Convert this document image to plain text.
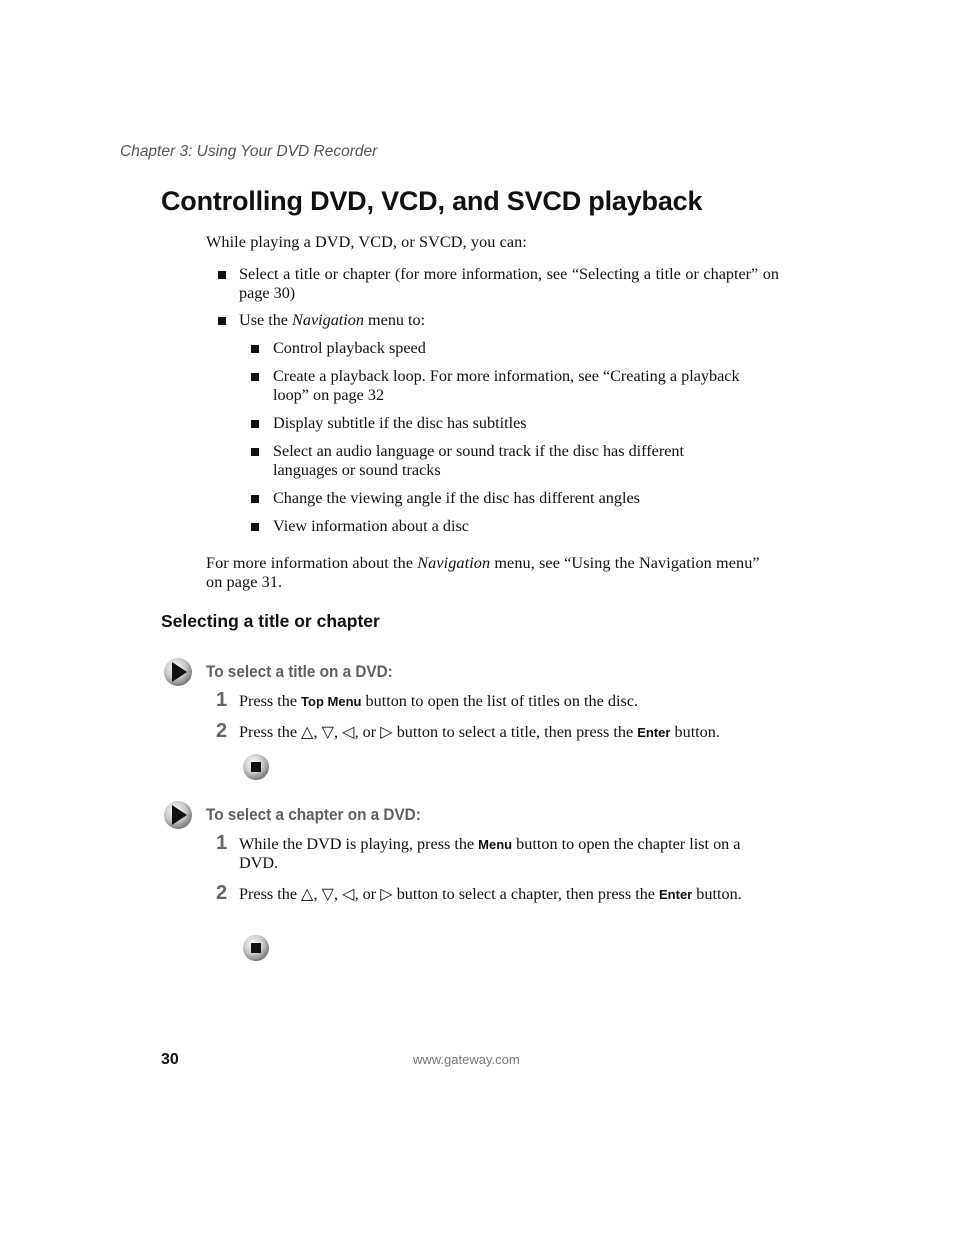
Chapter 3: Using Your DVD Recorder
Controlling DVD, VCD, and SVCD playback
While playing a DVD, VCD, or SVCD, you can:
Select a title or chapter (for more information, see “Selecting a title or chapter” on page 30)
Use the Navigation menu to:
Control playback speed
Create a playback loop. For more information, see “Creating a playback loop” on page 32
Display subtitle if the disc has subtitles
Select an audio language or sound track if the disc has different languages or sound tracks
Change the viewing angle if the disc has different angles
View information about a disc
For more information about the Navigation menu, see “Using the Navigation menu” on page 31.
Selecting a title or chapter
To select a title on a DVD:
1 Press the Top Menu button to open the list of titles on the disc.
2 Press the △, ▽, ◁, or ▷ button to select a title, then press the Enter button.
To select a chapter on a DVD:
1 While the DVD is playing, press the Menu button to open the chapter list on a DVD.
2 Press the △, ▽, ◁, or ▷ button to select a chapter, then press the Enter button.
30	www.gateway.com
